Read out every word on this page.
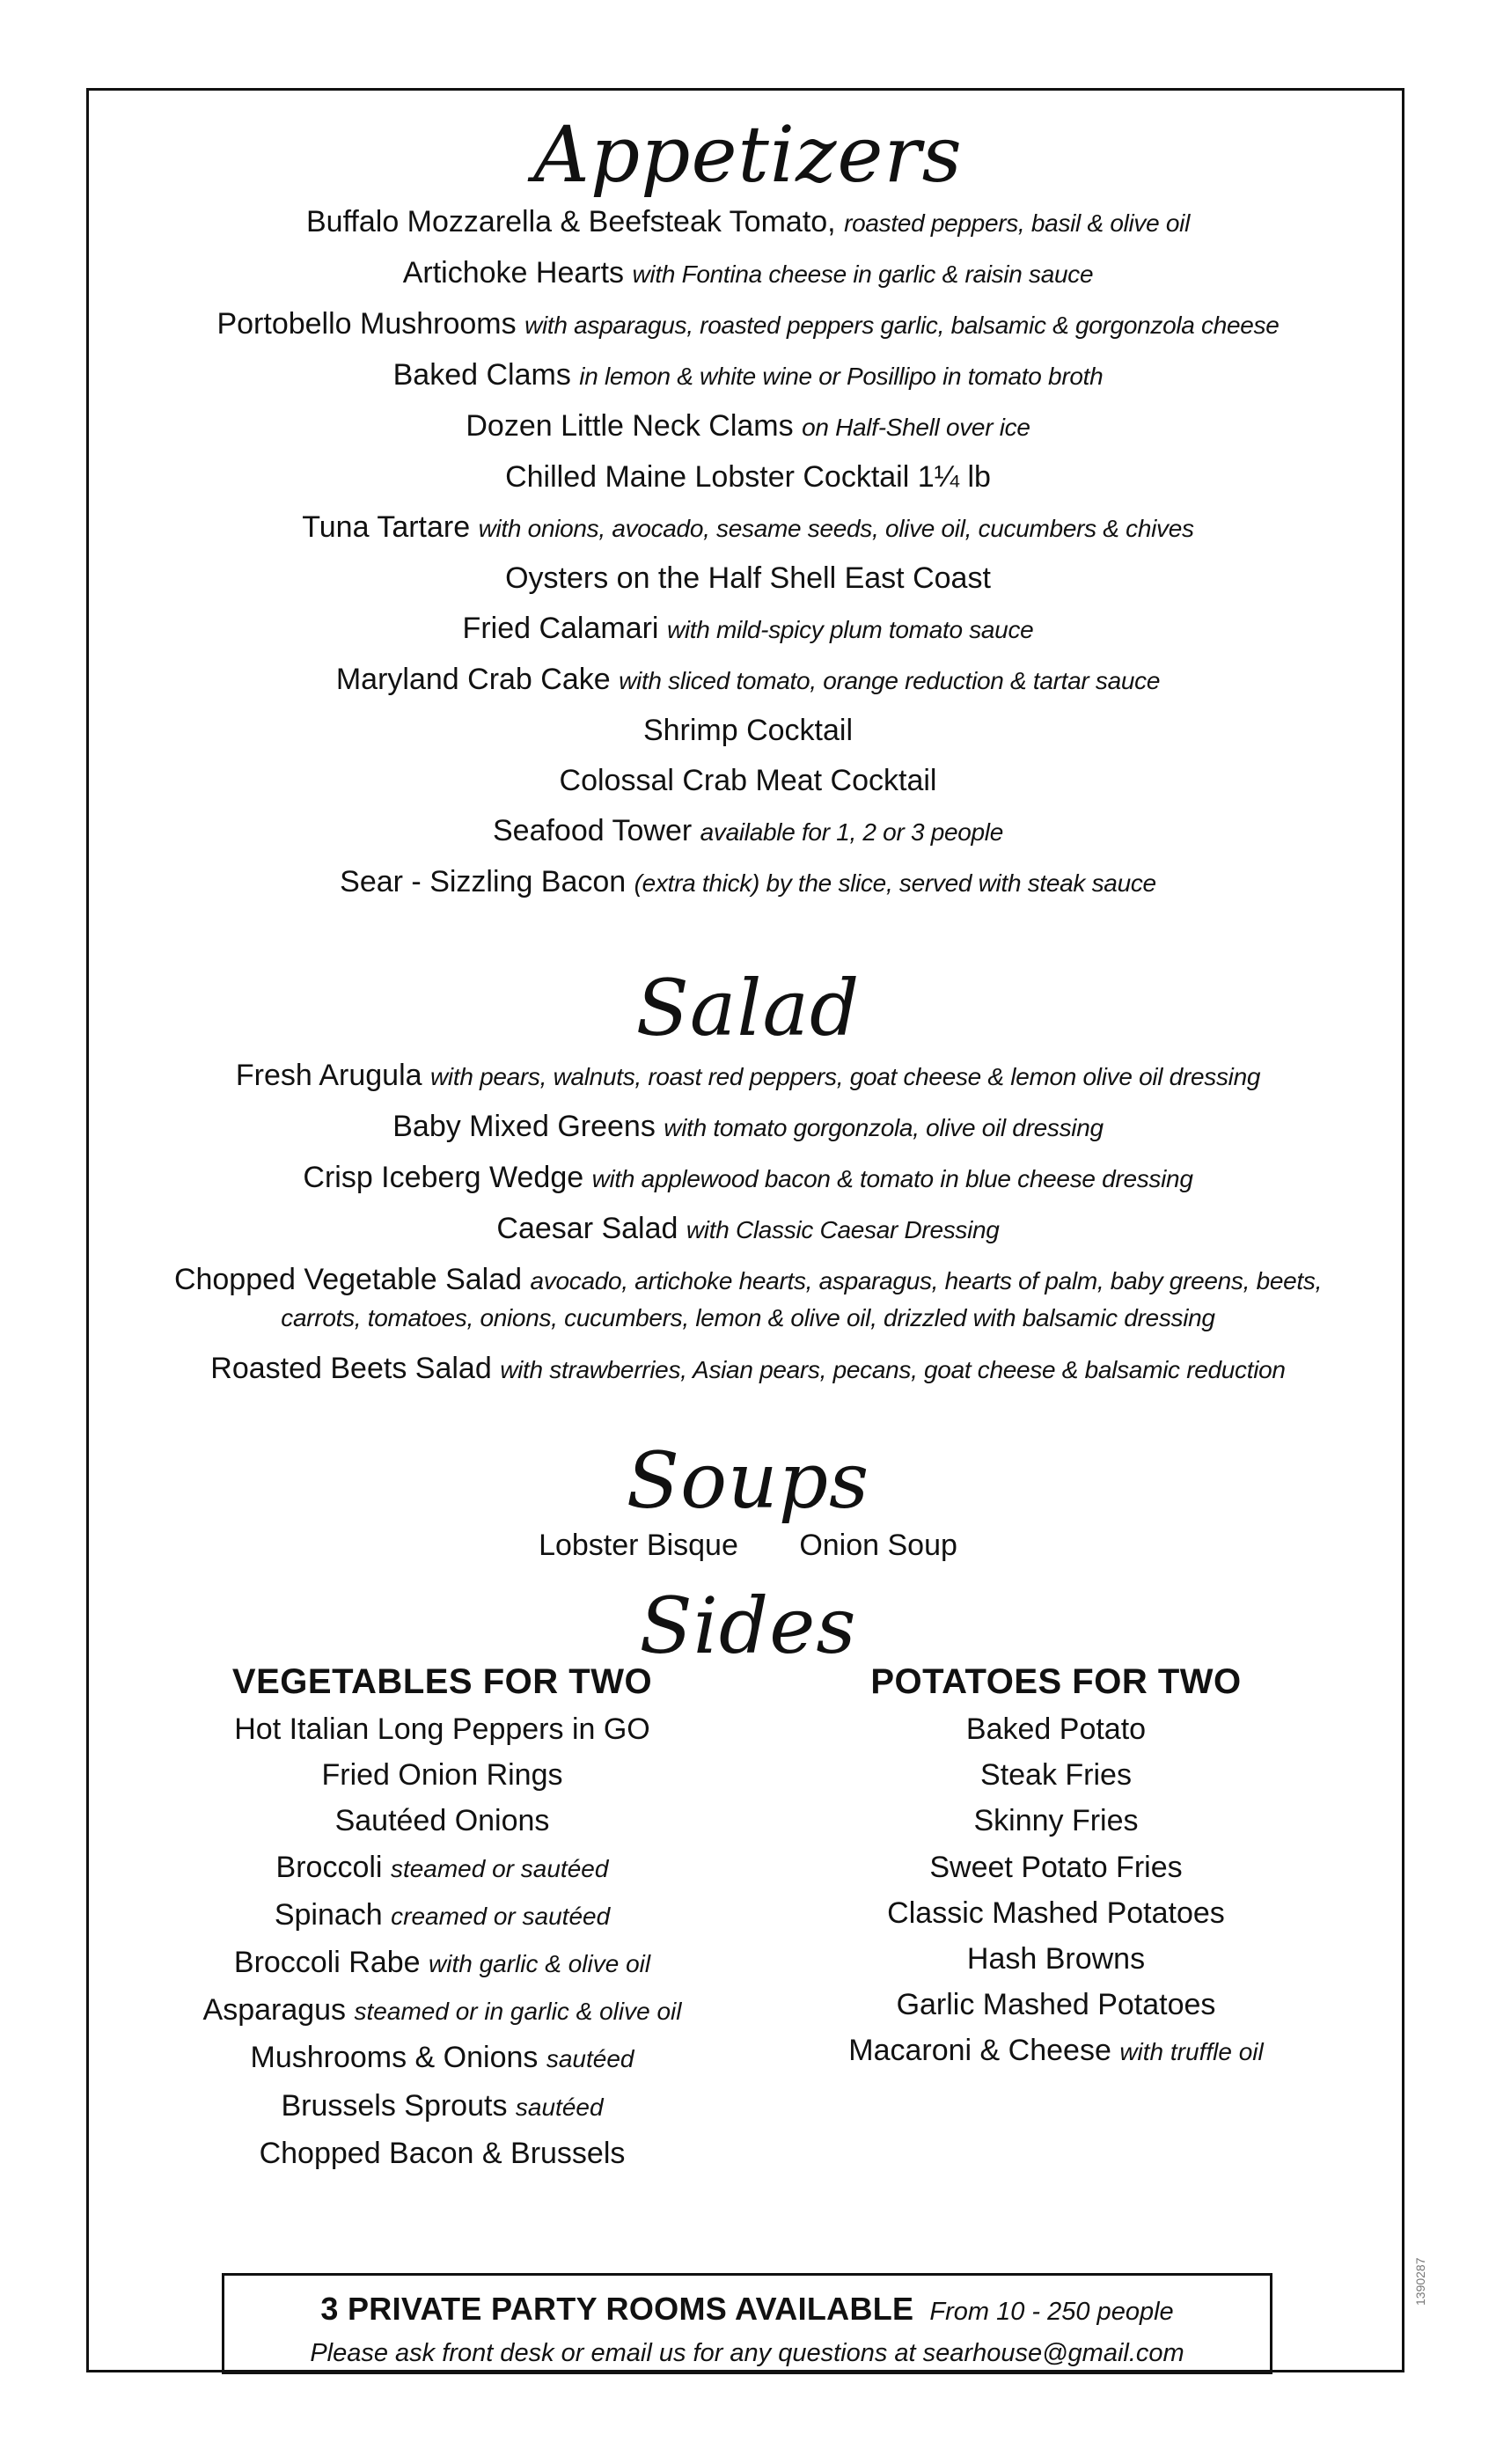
Appetizers
Buffalo Mozzarella & Beefsteak Tomato, roasted peppers, basil & olive oil
Artichoke Hearts with Fontina cheese in garlic & raisin sauce
Portobello Mushrooms with asparagus, roasted peppers garlic, balsamic & gorgonzola cheese
Baked Clams in lemon & white wine or Posillipo in tomato broth
Dozen Little Neck Clams on Half-Shell over ice
Chilled Maine Lobster Cocktail 1¼ lb
Tuna Tartare with onions, avocado, sesame seeds, olive oil, cucumbers & chives
Oysters on the Half Shell East Coast
Fried Calamari with mild-spicy plum tomato sauce
Maryland Crab Cake with sliced tomato, orange reduction & tartar sauce
Shrimp Cocktail
Colossal Crab Meat Cocktail
Seafood Tower available for 1, 2 or 3 people
Sear - Sizzling Bacon (extra thick) by the slice, served with steak sauce
Salad
Fresh Arugula with pears, walnuts, roast red peppers, goat cheese & lemon olive oil dressing
Baby Mixed Greens with tomato gorgonzola, olive oil dressing
Crisp Iceberg Wedge with applewood bacon & tomato in blue cheese dressing
Caesar Salad with Classic Caesar Dressing
Chopped Vegetable Salad avocado, artichoke hearts, asparagus, hearts of palm, baby greens, beets, carrots, tomatoes, onions, cucumbers, lemon & olive oil, drizzled with balsamic dressing
Roasted Beets Salad with strawberries, Asian pears, pecans, goat cheese & balsamic reduction
Soups
Lobster Bisque Onion Soup
Sides
VEGETABLES FOR TWO
Hot Italian Long Peppers in GO
Fried Onion Rings
Sautéed Onions
Broccoli steamed or sautéed
Spinach creamed or sautéed
Broccoli Rabe with garlic & olive oil
Asparagus steamed or in garlic & olive oil
Mushrooms & Onions sautéed
Brussels Sprouts sautéed
Chopped Bacon & Brussels
POTATOES FOR TWO
Baked Potato
Steak Fries
Skinny Fries
Sweet Potato Fries
Classic Mashed Potatoes
Hash Browns
Garlic Mashed Potatoes
Macaroni & Cheese with truffle oil
3 PRIVATE PARTY ROOMS AVAILABLE From 10 - 250 people
Please ask front desk or email us for any questions at searhouse@gmail.com
1390287
